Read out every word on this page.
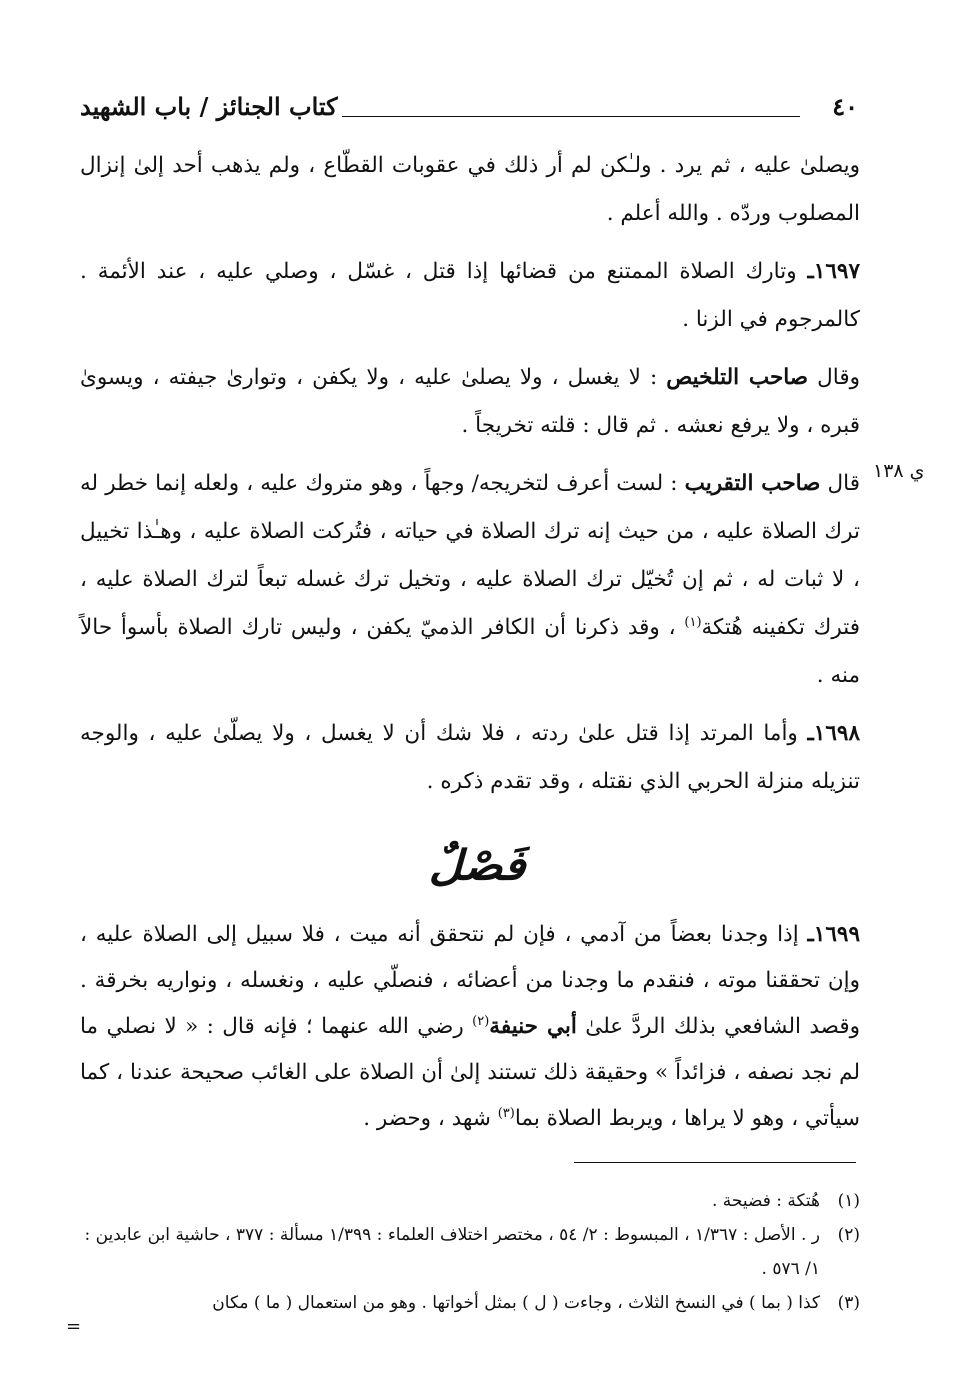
٤٠
كتاب الجنائز / باب الشهيد
ي ١٣٨

ويصلىٰ عليه ، ثم يرد . ولـٰكن لم أر ذلك في عقوبات القطّاع ، ولم يذهب أحد إلىٰ إنزال المصلوب وردّه . والله أعلم .

١٦٩٧ـ وتارك الصلاة الممتنع من قضائها إذا قتل ، غسّل ، وصلي عليه ، عند الأئمة . كالمرجوم في الزنا .

وقال صاحب التلخيص : لا يغسل ، ولا يصلىٰ عليه ، ولا يكفن ، وتوارىٰ جيفته ، ويسوىٰ قبره ، ولا يرفع نعشه . ثم قال : قلته تخريجاً .

قال صاحب التقريب : لست أعرف لتخريجه/ وجهاً ، وهو متروك عليه ، ولعله إنما خطر له ترك الصلاة عليه ، من حيث إنه ترك الصلاة في حياته ، فتُركت الصلاة عليه ، وهـٰذا تخييل ، لا ثبات له ، ثم إن تُخيّل ترك الصلاة عليه ، وتخيل ترك غسله تبعاً لترك الصلاة عليه ، فترك تكفينه هُتكة$^{(١)}$ ، وقد ذكرنا أن الكافر الذميّ يكفن ، وليس تارك الصلاة بأسوأ حالاً منه .

١٦٩٨ـ وأما المرتد إذا قتل علىٰ ردته ، فلا شك أن لا يغسل ، ولا يصلّىٰ عليه ، والوجه تنزيله منزلة الحربي الذي نقتله ، وقد تقدم ذكره .

فَصْلٌ

١٦٩٩ـ إذا وجدنا بعضاً من آدمي ، فإن لم نتحقق أنه ميت ، فلا سبيل إلى الصلاة عليه ، وإن تحققنا موته ، فنقدم ما وجدنا من أعضائه ، فنصلّي عليه ، ونغسله ، ونواريه بخرقة . وقصد الشافعي بذلك الردَّ علىٰ أبي حنيفة$^{(٢)}$ رضي الله عنهما ؛ فإنه قال : « لا نصلي ما لم نجد نصفه ، فزائداً » وحقيقة ذلك تستند إلىٰ أن الصلاة على الغائب صحيحة عندنا ، كما سيأتي ، وهو لا يراها ، ويربط الصلاة بما$^{(٣)}$ شهد ، وحضر .

(١)
هُتكة : فضيحة .

(٢)
ر . الأصل : ١/٣٦٧ ، المبسوط : ٢/ ٥٤ ، مختصر اختلاف العلماء : ١/٣٩٩ مسألة : ٣٧٧ ، حاشية ابن عابدين : ١/ ٥٧٦ .

(٣)
كذا ( بما ) في النسخ الثلاث ، وجاءت ( ل ) بمثل أخواتها . وهو من استعمال ( ما ) مكان

=
